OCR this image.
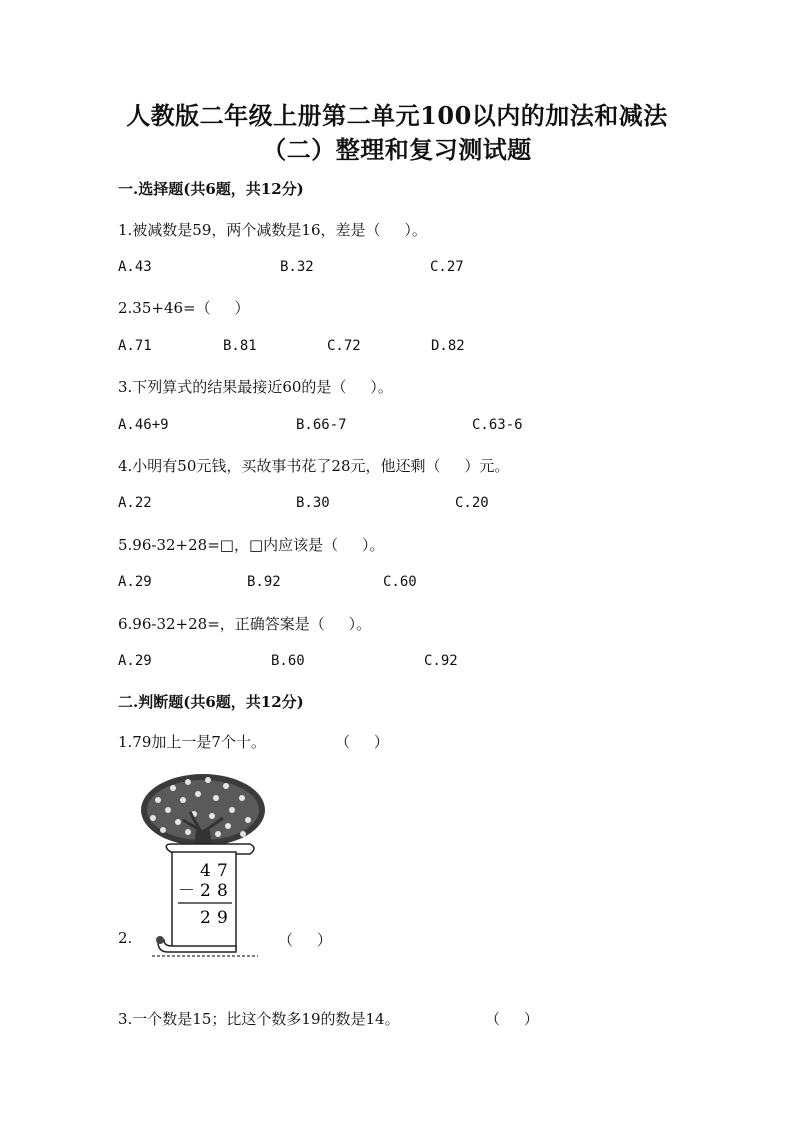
人教版二年级上册第二单元100以内的加法和减法
（二）整理和复习测试题
一.选择题(共6题，共12分)
1.被减数是59，两个减数是16，差是（     ）。
A.43	B.32	C.27
2.35+46=（     ）
A.71	B.81	C.72	D.82
3.下列算式的结果最接近60的是（     ）。
A.46+9	B.66-7	C.63-6
4.小明有50元钱，买故事书花了28元，他还剩（     ）元。
A.22	B.30	C.20
5.96-32+28=□，□内应该是（     ）。
A.29	B.92	C.60
6.96-32+28=，正确答案是（     ）。
A.29	B.60	C.92
二.判断题(共6题，共12分)
1.79加上一是7个十。	（     ）
4 7
－ 2 8
2 9
2.	（     ）
3.一个数是15；比这个数多19的数是14。	（     ）
